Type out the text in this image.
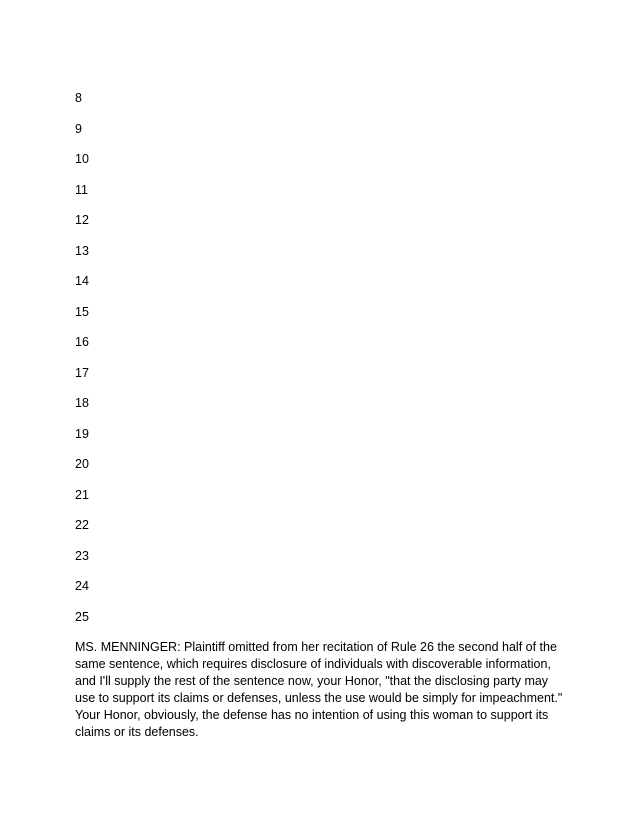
8
9
10
11
12
13
14
15
16
17
18
19
20
21
22
23
24
25

MS. MENNINGER: Plaintiff omitted from her recitation of Rule 26 the second half of the same sentence, which requires disclosure of individuals with discoverable information, and I'll supply the rest of the sentence now, your Honor, "that the disclosing party may use to support its claims or defenses, unless the use would be simply for impeachment." Your Honor, obviously, the defense has no intention of using this woman to support its claims or its defenses.
